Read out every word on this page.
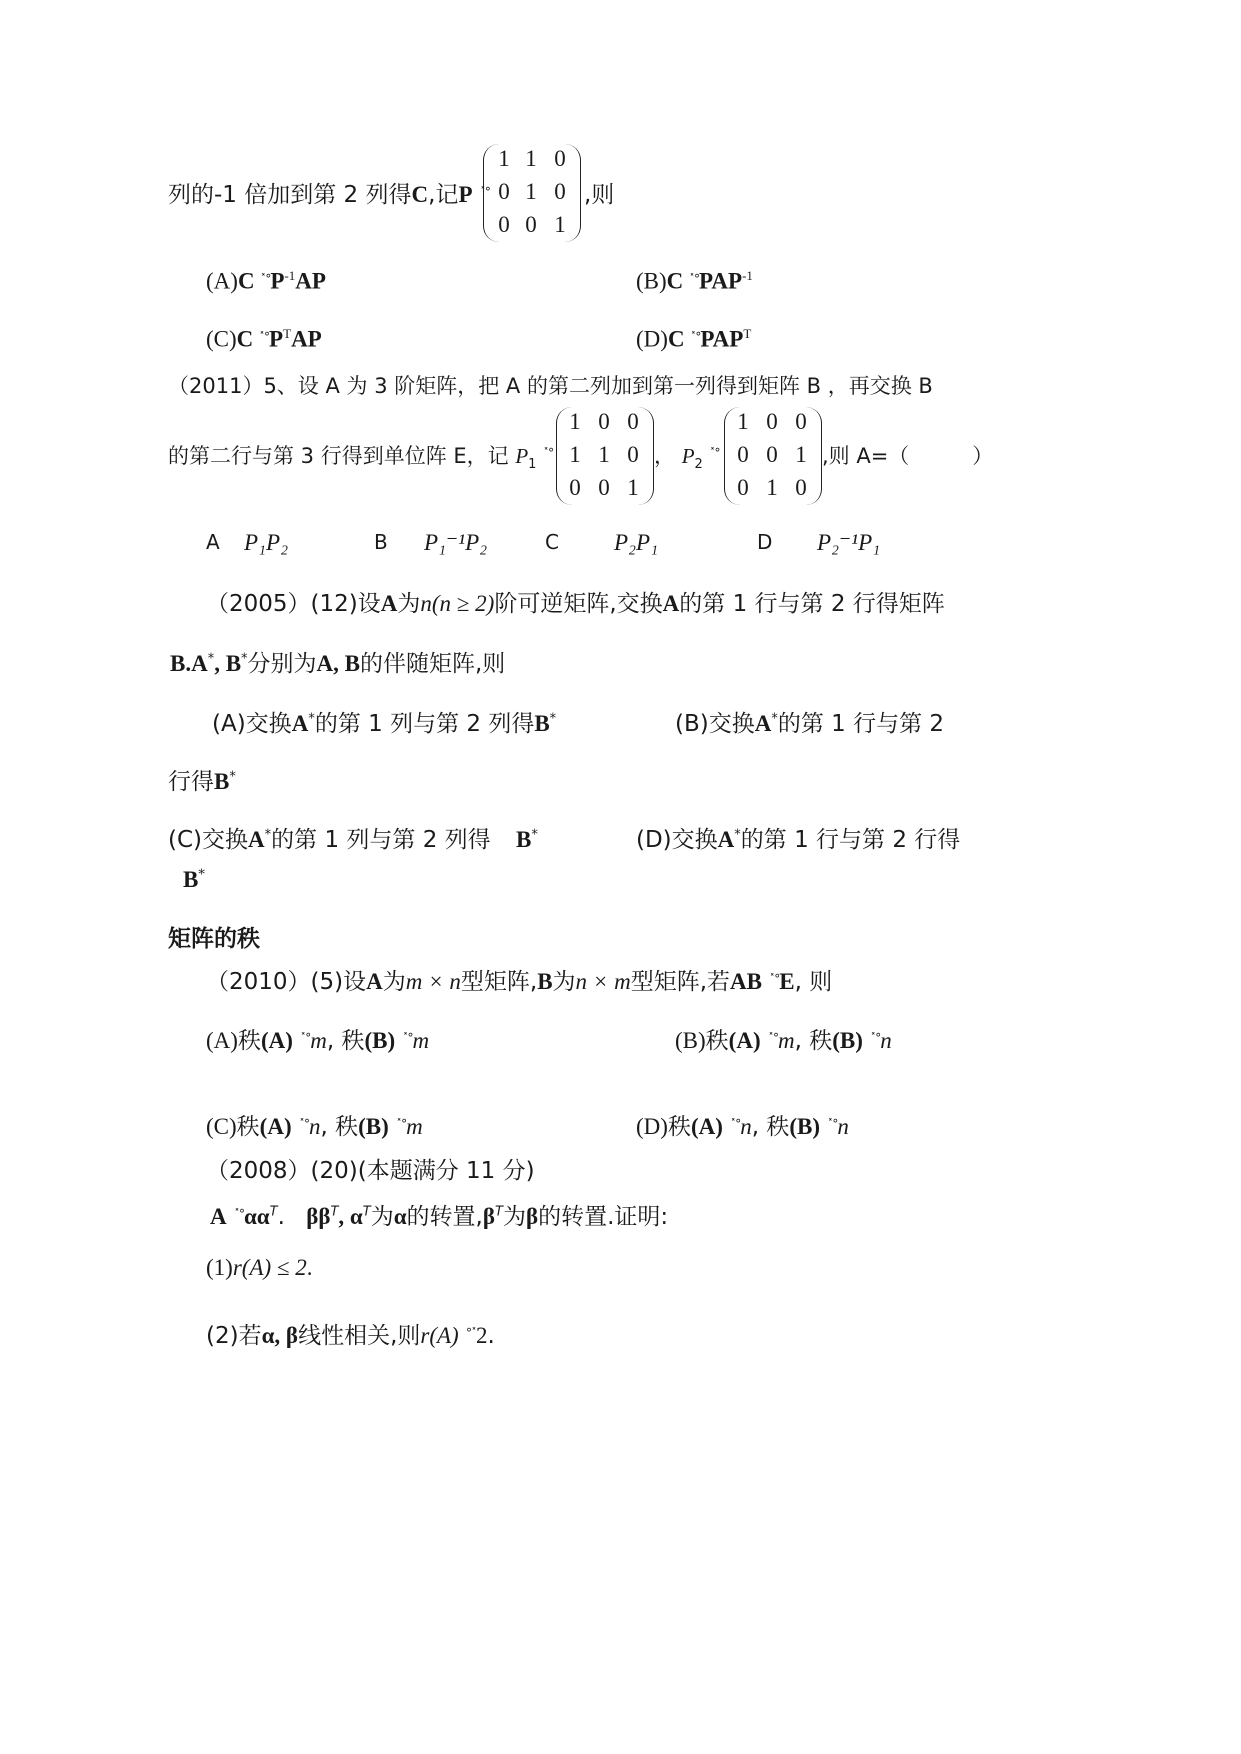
列的-1 倍加到第 2 列得C,记P ˟°
1 1 0
0 1 0
0 0 1
,则
(A)C $^{˟^\circ}P^{-1}AP$	(B)C $^{˟^\circ}PAP^{-1}$
(C)C $^{˟^\circ}P^TAP$	(D)C $^{˟^\circ}PAP^T$
（2011）5、设 A 为 3 阶矩阵，把 A 的第二列加到第一列得到矩阵 B ，再交换 B
的第二行与第 3 行得到单位阵 E，记 $P_1$ ˟°
1 0 0
1 1 0
0 0 1
， $P_2$ ˟°
1 0 0
0 0 1
0 1 0
,则 A=（　　　）
A P₁P₂	B P₁⁻¹P₂	C P₂P₁	D P₂⁻¹P₁
（2005）(12)设A为n(n ≥ 2)阶可逆矩阵,交换A的第 1 行与第 2 行得矩阵
B.A*, B*分别为A, B的伴随矩阵,则
(A)交换A*的第 1 列与第 2 列得B*	(B)交换A*的第 1 行与第 2
行得B*
(C)交换A*的第 1 列与第 2 列得 B*	(D)交换A*的第 1 行与第 2 行得
B*
矩阵的秩
（2010）(5)设A为m × n型矩阵,B为n × m型矩阵,若AB ˟°E, 则
(A)秩(A) ˟°m, 秩(B) ˟°m	(B)秩(A) ˟°m, 秩(B) ˟°n
(C)秩(A) ˟°n, 秩(B) ˟°m	(D)秩(A) ˟°n, 秩(B) ˟°n
（2008）(20)(本题满分 11 分)
A $^{˟^\circ}\alpha\alpha^T$. $\beta\beta^T$, $\alpha^T$为α的转置$,\beta^T$为β的转置.证明:
(1)r(A) ≤ 2.
(2)若α, β线性相关,则r(A) °˟2.
